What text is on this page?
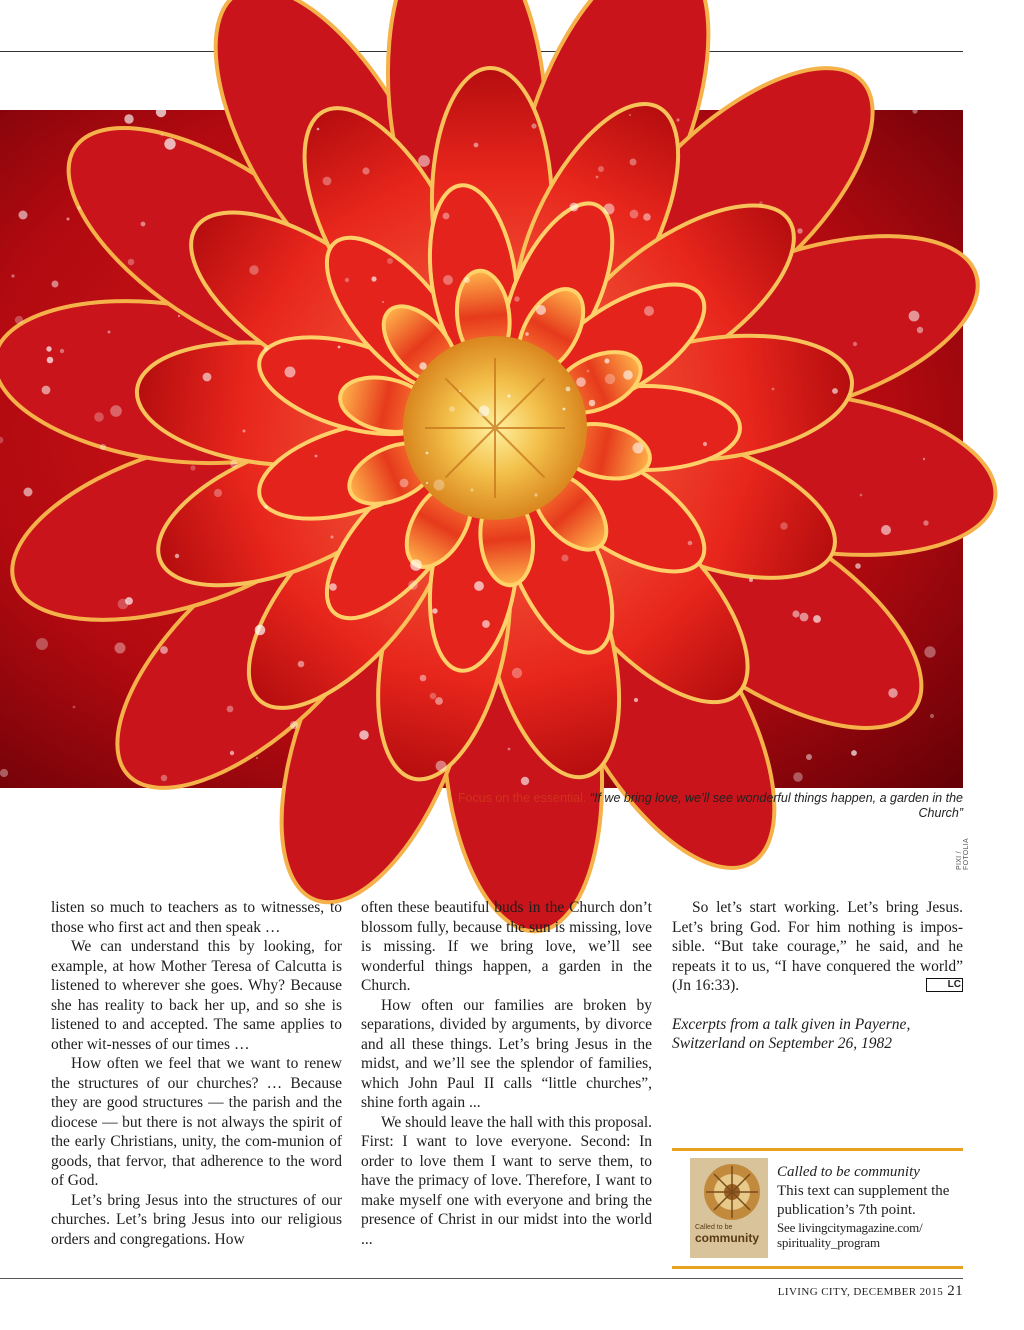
PIXI / FOTOLIA
Focus on the essential. “If we bring love, we’ll see wonderful things happen, a garden in the Church”

listen so much to teachers as to witnesses, to those who first act and then speak …

We can understand this by looking, for example, at how Mother Teresa of Calcutta is listened to wherever she goes. Why? Because she has reality to back her up, and so she is listened to and accepted. The same applies to other wit-nesses of our times …

How often we feel that we want to renew the structures of our churches? … Because they are good structures — the parish and the diocese — but there is not always the spirit of the early Christians, unity, the com-munion of goods, that fervor, that adherence to the word of God.

Let’s bring Jesus into the structures of our churches. Let’s bring Jesus into our religious orders and congregations. How

often these beautiful buds in the Church don’t blossom fully, because the sun is missing, love is missing. If we bring love, we’ll see wonderful things happen, a garden in the Church.

How often our families are broken by separations, divided by arguments, by divorce and all these things. Let’s bring Jesus in the midst, and we’ll see the splendor of families, which John Paul II calls “little churches”, shine forth again ...

We should leave the hall with this proposal. First: I want to love everyone. Second: In order to love them I want to serve them, to have the primacy of love. Therefore, I want to make myself one with everyone and bring the presence of Christ in our midst into the world ...

So let’s start working. Let’s bring Jesus. Let’s bring God. For him nothing is impos-sible. “But take courage,” he said, and he repeats it to us, “I have conquered the world” (Jn 16:33).	LC

Excerpts from a talk given in Payerne, Switzerland on September 26, 1982

Called to be
community
Called to be community
This text can supplement the publication’s 7th point.
See livingcitymagazine.com/ spirituality_program
LIVING CITY, DECEMBER 2015 21
